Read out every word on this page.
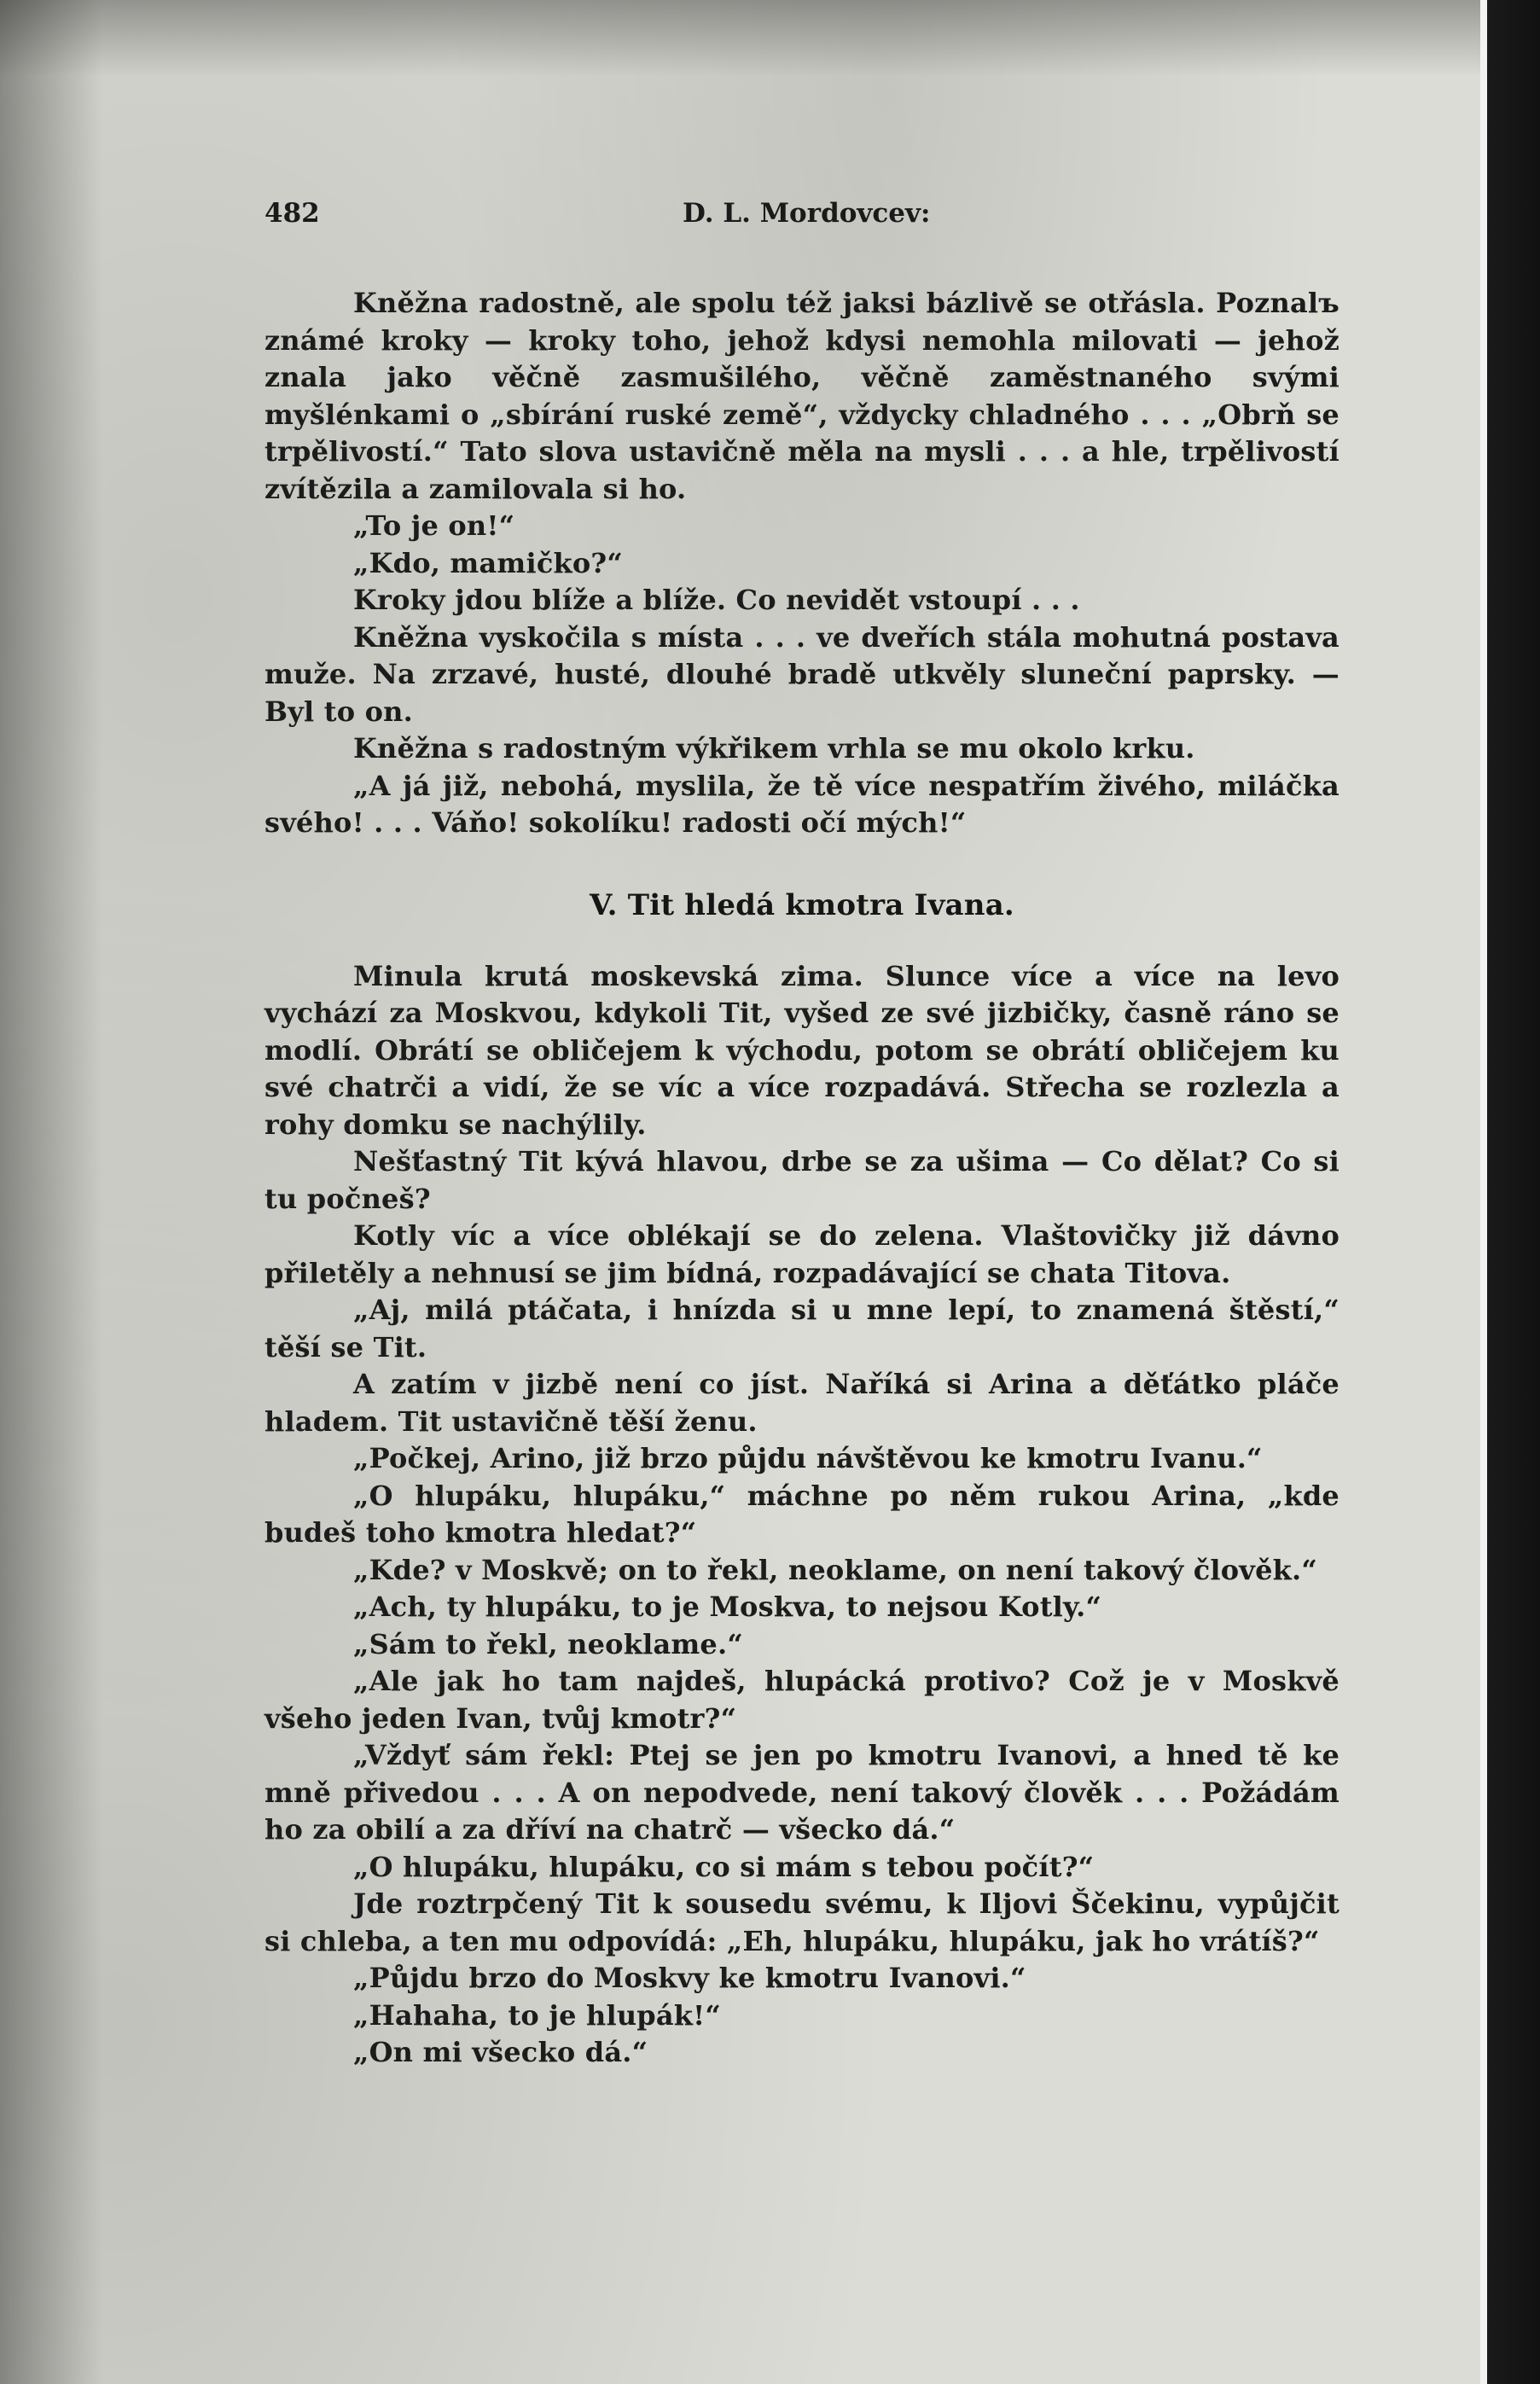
482	D. L. Mordovcev:

Kněžna radostně, ale spolu též jaksi bázlivě se otřásla. Poznalъ známé kroky — kroky toho, jehož kdysi nemohla milovati — jehož znala jako věčně zasmušilého, věčně zaměstnaného svými myšlénkami o „sbírání ruské země“, vždycky chladného . . . „Obrň se trpělivostí.“ Tato slova ustavičně měla na mysli . . . a hle, trpělivostí zvítězila a zamilovala si ho.

„To je on!“

„Kdo, mamičko?“

Kroky jdou blíže a blíže. Co nevidět vstoupí . . .

Kněžna vyskočila s místa . . . ve dveřích stála mohutná postava muže. Na zrzavé, husté, dlouhé bradě utkvěly sluneční paprsky. — Byl to on.

Kněžna s radostným výkřikem vrhla se mu okolo krku.

„A já již, nebohá, myslila, že tě více nespatřím živého, miláčka svého! . . . Váňo! sokolíku! radosti očí mých!“

V. Tit hledá kmotra Ivana.

Minula krutá moskevská zima. Slunce více a více na levo vychází za Moskvou, kdykoli Tit, vyšed ze své jizbičky, časně ráno se modlí. Obrátí se obličejem k východu, potom se obrátí obličejem ku své chatrči a vidí, že se víc a více rozpadává. Střecha se rozlezla a rohy domku se nachýlily.

Nešťastný Tit kývá hlavou, drbe se za ušima — Co dělat? Co si tu počneš?

Kotly víc a více oblékají se do zelena. Vlaštovičky již dávno přiletěly a nehnusí se jim bídná, rozpadávající se chata Titova.

„Aj, milá ptáčata, i hnízda si u mne lepí, to znamená štěstí,“ těší se Tit.

A zatím v jizbě není co jíst. Naříká si Arina a děťátko pláče hladem. Tit ustavičně těší ženu.

„Počkej, Arino, již brzo půjdu návštěvou ke kmotru Ivanu.“

„O hlupáku, hlupáku,“ máchne po něm rukou Arina, „kde budeš toho kmotra hledat?“

„Kde? v Moskvě; on to řekl, neoklame, on není takový člověk.“

„Ach, ty hlupáku, to je Moskva, to nejsou Kotly.“

„Sám to řekl, neoklame.“

„Ale jak ho tam najdeš, hlupácká protivo? Což je v Moskvě všeho jeden Ivan, tvůj kmotr?“

„Vždyť sám řekl: Ptej se jen po kmotru Ivanovi, a hned tě ke mně přivedou . . . A on nepodvede, není takový člověk . . . Požádám ho za obilí a za dříví na chatrč — všecko dá.“

„O hlupáku, hlupáku, co si mám s tebou počít?“

Jde roztrpčený Tit k sousedu svému, k Iljovi Ščekinu, vypůjčit si chleba, a ten mu odpovídá: „Eh, hlupáku, hlupáku, jak ho vrátíš?“

„Půjdu brzo do Moskvy ke kmotru Ivanovi.“

„Hahaha, to je hlupák!“

„On mi všecko dá.“
